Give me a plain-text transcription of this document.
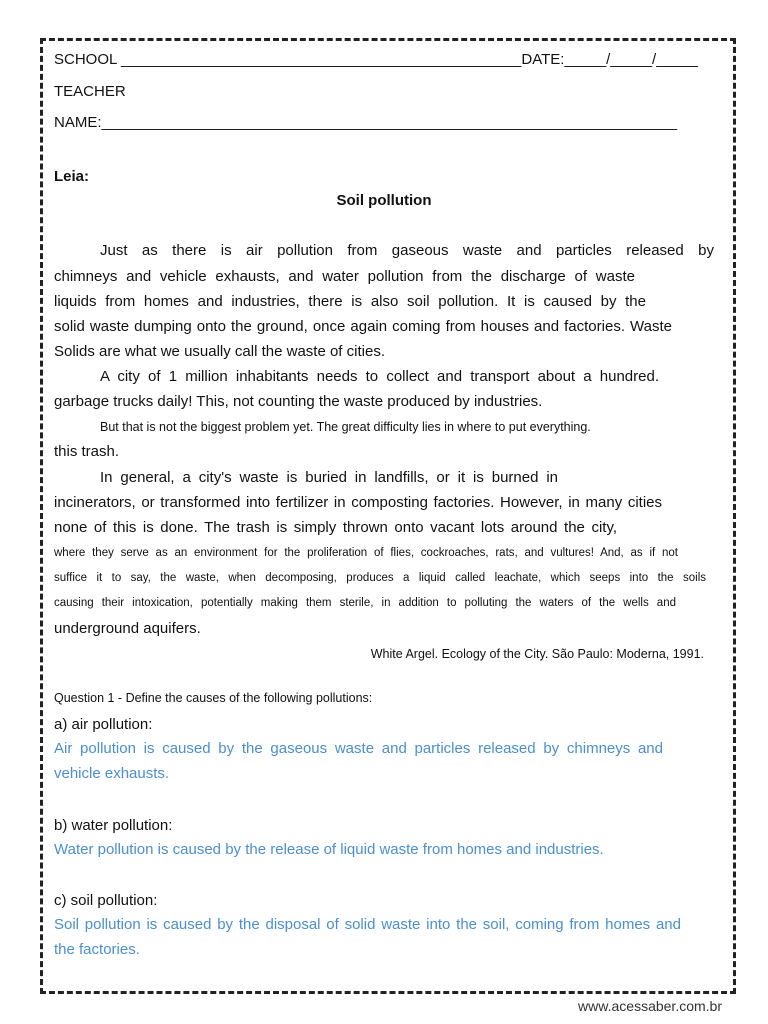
SCHOOL ________________________________________________DATE:_____/_____/_____
TEACHER
NAME:_____________________________________________________________________
Leia:
Soil pollution
Just as there is air pollution from gaseous waste and particles released by
chimneys and vehicle exhausts, and water pollution from the discharge of waste
liquids from homes and industries, there is also soil pollution. It is caused by the
solid waste dumping onto the ground, once again coming from houses and factories. Waste
Solids are what we usually call the waste of cities.
A city of 1 million inhabitants needs to collect and transport about a hundred.
garbage trucks daily! This, not counting the waste produced by industries.
But that is not the biggest problem yet. The great difficulty lies in where to put everything.
this trash.
In general, a city's waste is buried in landfills, or it is burned in
incinerators, or transformed into fertilizer in composting factories. However, in many cities
none of this is done. The trash is simply thrown onto vacant lots around the city,
where they serve as an environment for the proliferation of flies, cockroaches, rats, and vultures! And, as if not
suffice it to say, the waste, when decomposing, produces a liquid called leachate, which seeps into the soils
causing their intoxication, potentially making them sterile, in addition to polluting the waters of the wells and
underground aquifers.
White Argel. Ecology of the City. São Paulo: Moderna, 1991.
Question 1 - Define the causes of the following pollutions:
a) air pollution:
Air pollution is caused by the gaseous waste and particles released by chimneys and
vehicle exhausts.
b) water pollution:
Water pollution is caused by the release of liquid waste from homes and industries.
c) soil pollution:
Soil pollution is caused by the disposal of solid waste into the soil, coming from homes and
the factories.
www.acessaber.com.br
